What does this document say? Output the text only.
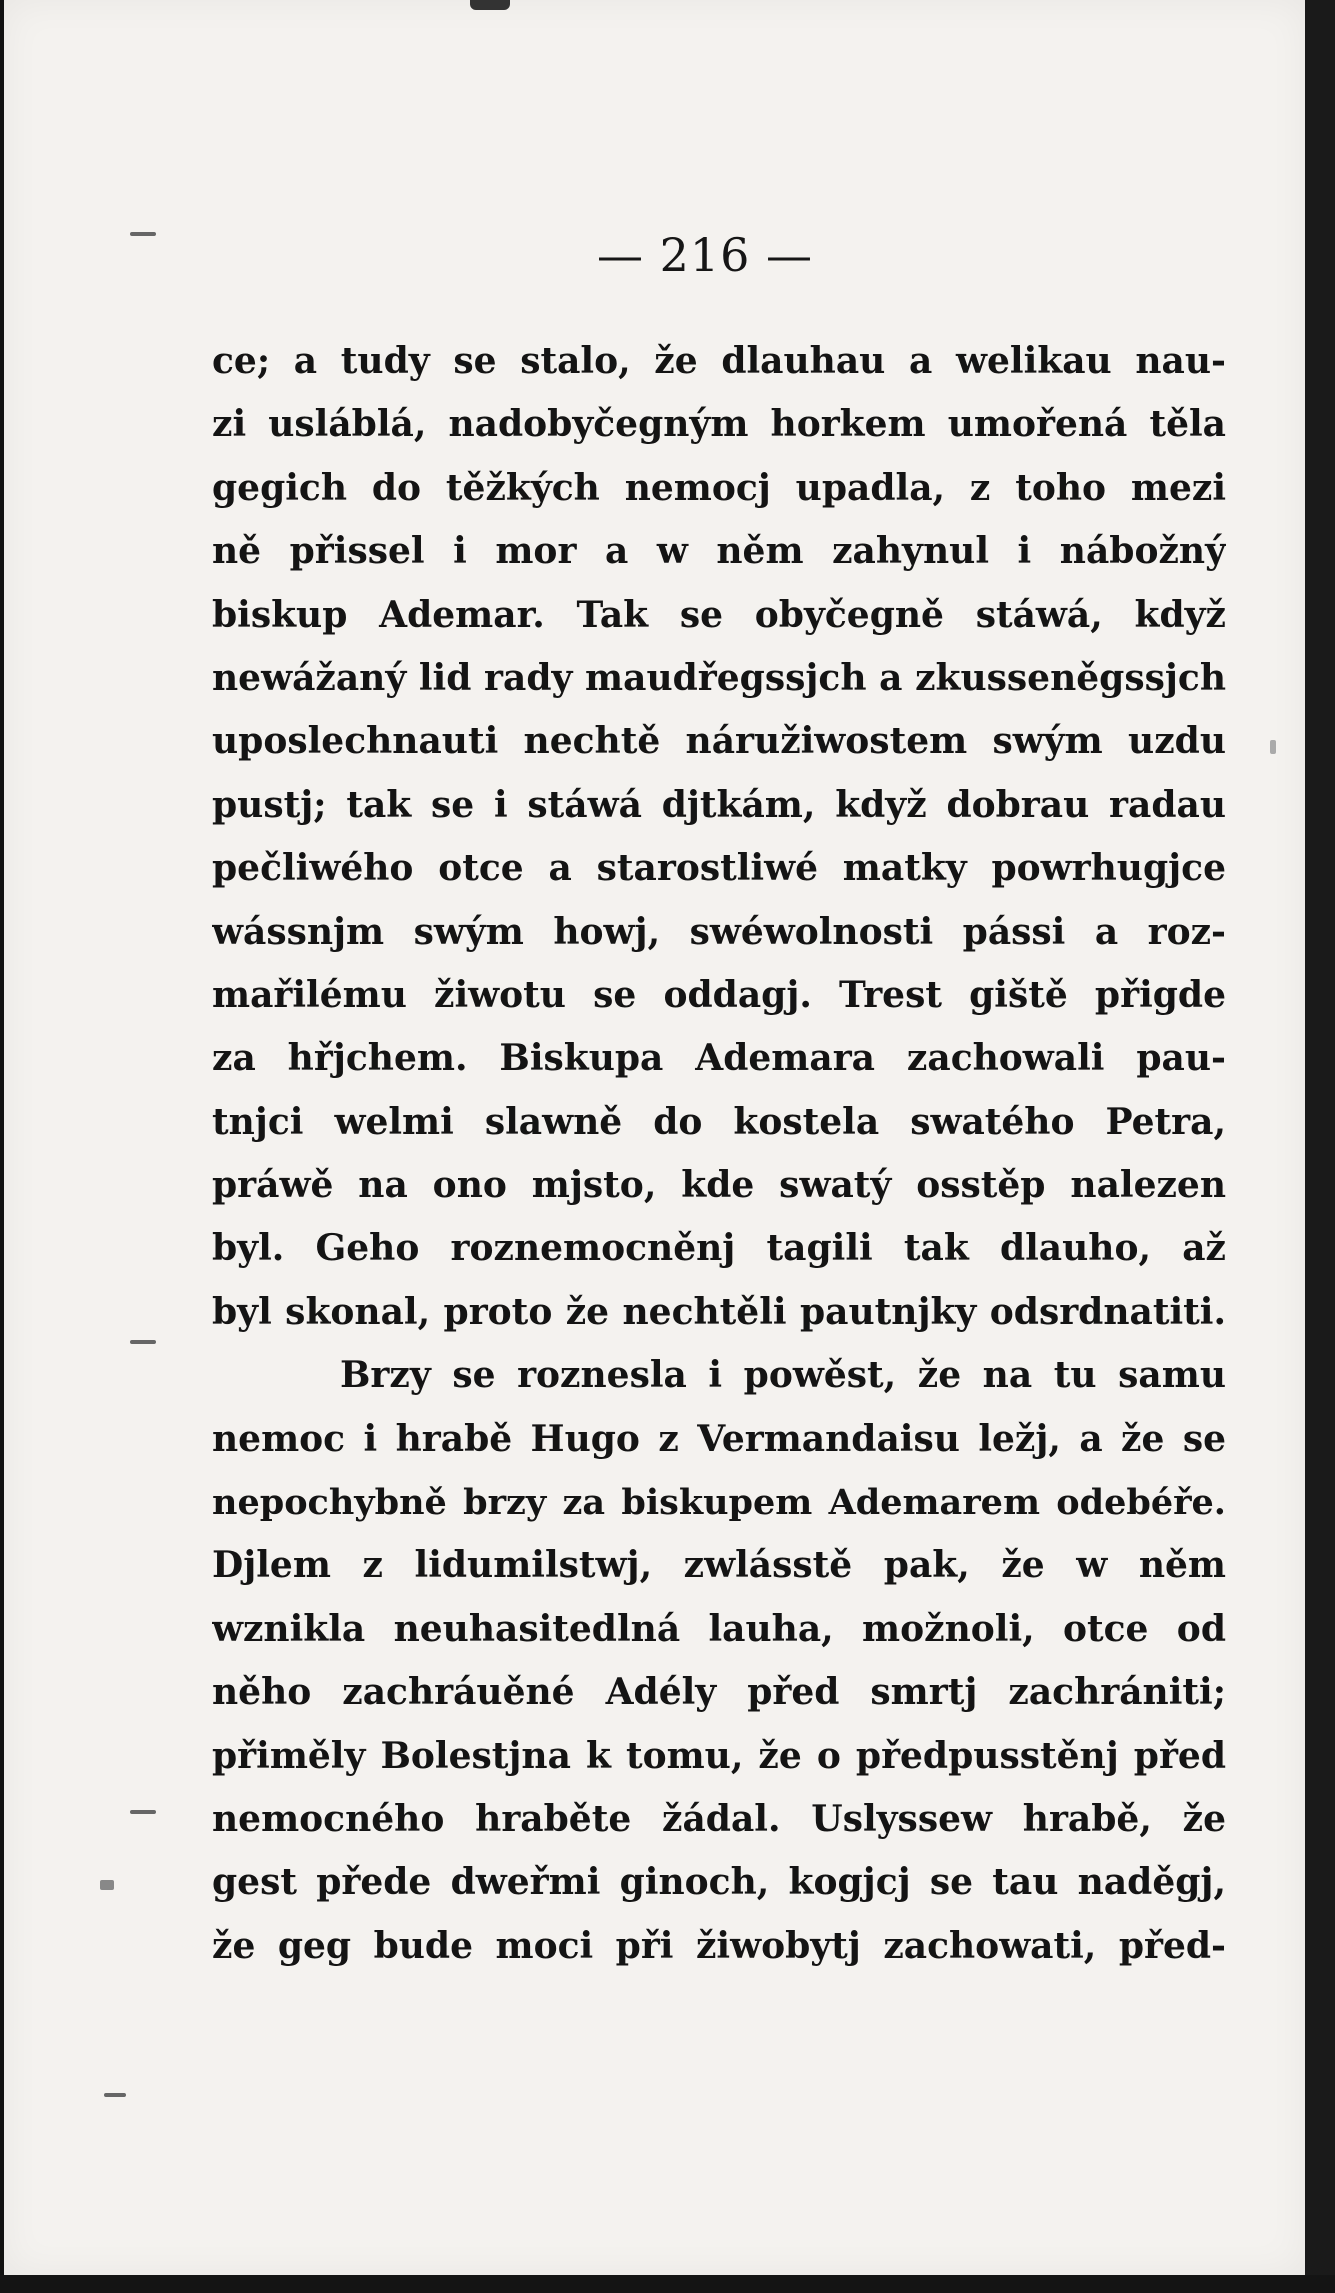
— 216 —
ce; a tudy se stalo, že dlauhau a welikau nau-
zi usláblá, nadobyčegným horkem umořená těla
gegich do těžkých nemocj upadla, z toho mezi
ně přissel i mor a w něm zahynul i nábožný
biskup Ademar. Tak se obyčegně stáwá, když
newážaný lid rady maudřegssjch a zkusseněgssjch
uposlechnauti nechtě náružiwostem swým uzdu
pustj; tak se i stáwá djtkám, když dobrau radau
pečliwého otce a starostliwé matky powrhugjce
wássnjm swým howj, swéwolnosti pássi a roz-
mařilému žiwotu se oddagj. Trest giště přigde
za hřjchem. Biskupa Ademara zachowali pau-
tnjci welmi slawně do kostela swatého Petra,
práwě na ono mjsto, kde swatý osstěp nalezen
byl. Geho roznemocněnj tagili tak dlauho, až
byl skonal, proto že nechtěli pautnjky odsrdnatiti.
Brzy se roznesla i powěst, že na tu samu
nemoc i hrabě Hugo z Vermandaisu ležj, a že se
nepochybně brzy za biskupem Ademarem odebéře.
Djlem z lidumilstwj, zwlásstě pak, že w něm
wznikla neuhasitedlná lauha, možnoli, otce od
něho zachráuěné Adély před smrtj zachrániti;
přiměly Bolestjna k tomu, že o předpusstěnj před
nemocného hraběte žádal. Uslyssew hrabě, že
gest přede dweřmi ginoch, kogjcj se tau naděgj,
že geg bude moci při žiwobytj zachowati, před-
